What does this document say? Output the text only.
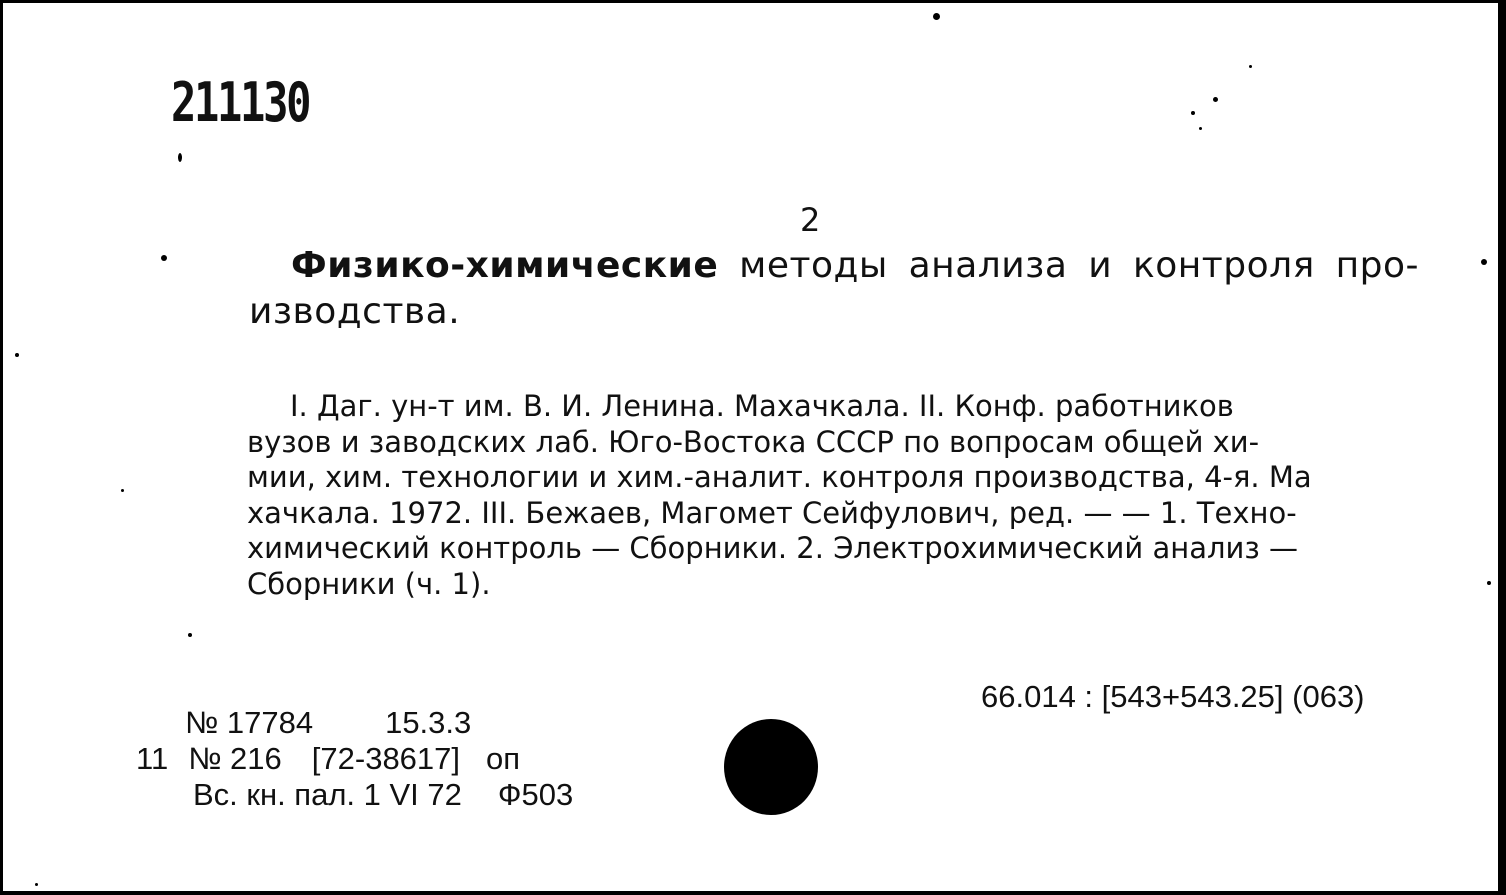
211130
2
Физико-химические методы анализа и контроля про-
изводства.
I. Даг. ун-т им. В. И. Ленина. Махачкала. II. Конф. работников
вузов и заводских лаб. Юго-Востока СССР по вопросам общей хи-
мии, хим. технологии и хим.-аналит. контроля производства, 4-я. Ма
хачкала. 1972. III. Бежаев, Магомет Сейфулович, ред. — — 1. Техно-
химический контроль — Сборники. 2. Электрохимический анализ —
Сборники (ч. 1).
66.014 : [543+543.25] (063)
№ 17784 15.3.3
11 № 216 [72-38617] оп
Вс. кн. пал. 1 VI 72 Ф503
